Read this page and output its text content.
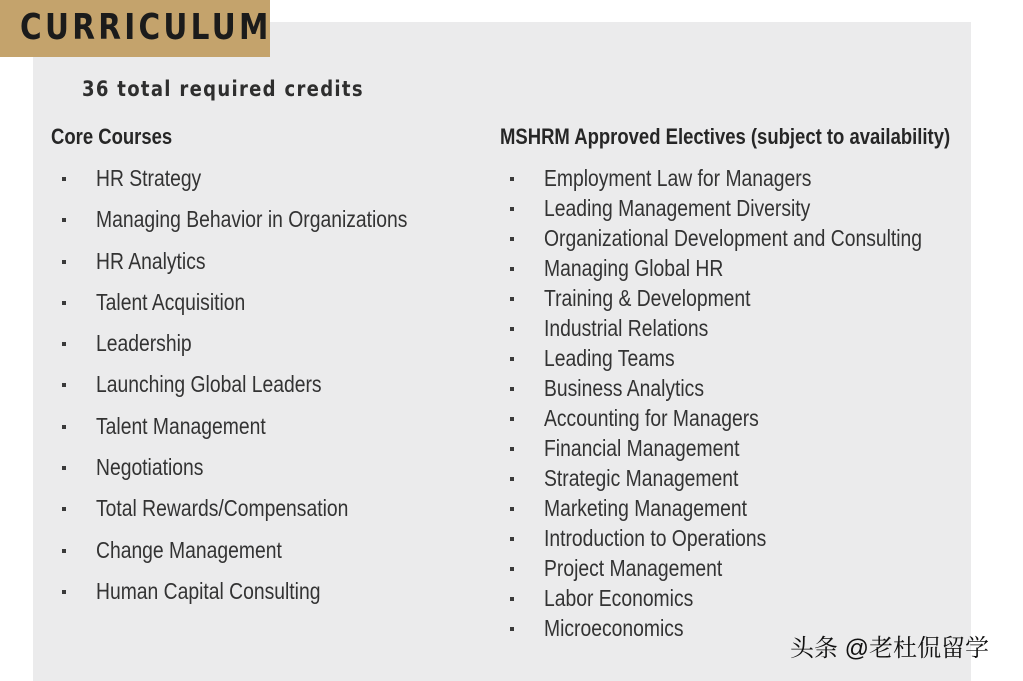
CURRICULUM
36 total required credits
Core Courses	MSHRM Approved Electives (subject to availability)
HR Strategy
Managing Behavior in Organizations
HR Analytics
Talent Acquisition
Leadership
Launching Global Leaders
Talent Management
Negotiations
Total Rewards/Compensation
Change Management
Human Capital Consulting
Employment Law for Managers
Leading Management Diversity
Organizational Development and Consulting
Managing Global HR
Training & Development
Industrial Relations
Leading Teams
Business Analytics
Accounting for Managers
Financial Management
Strategic Management
Marketing Management
Introduction to Operations
Project Management
Labor Economics
Microeconomics
头条 @老杜侃留学
